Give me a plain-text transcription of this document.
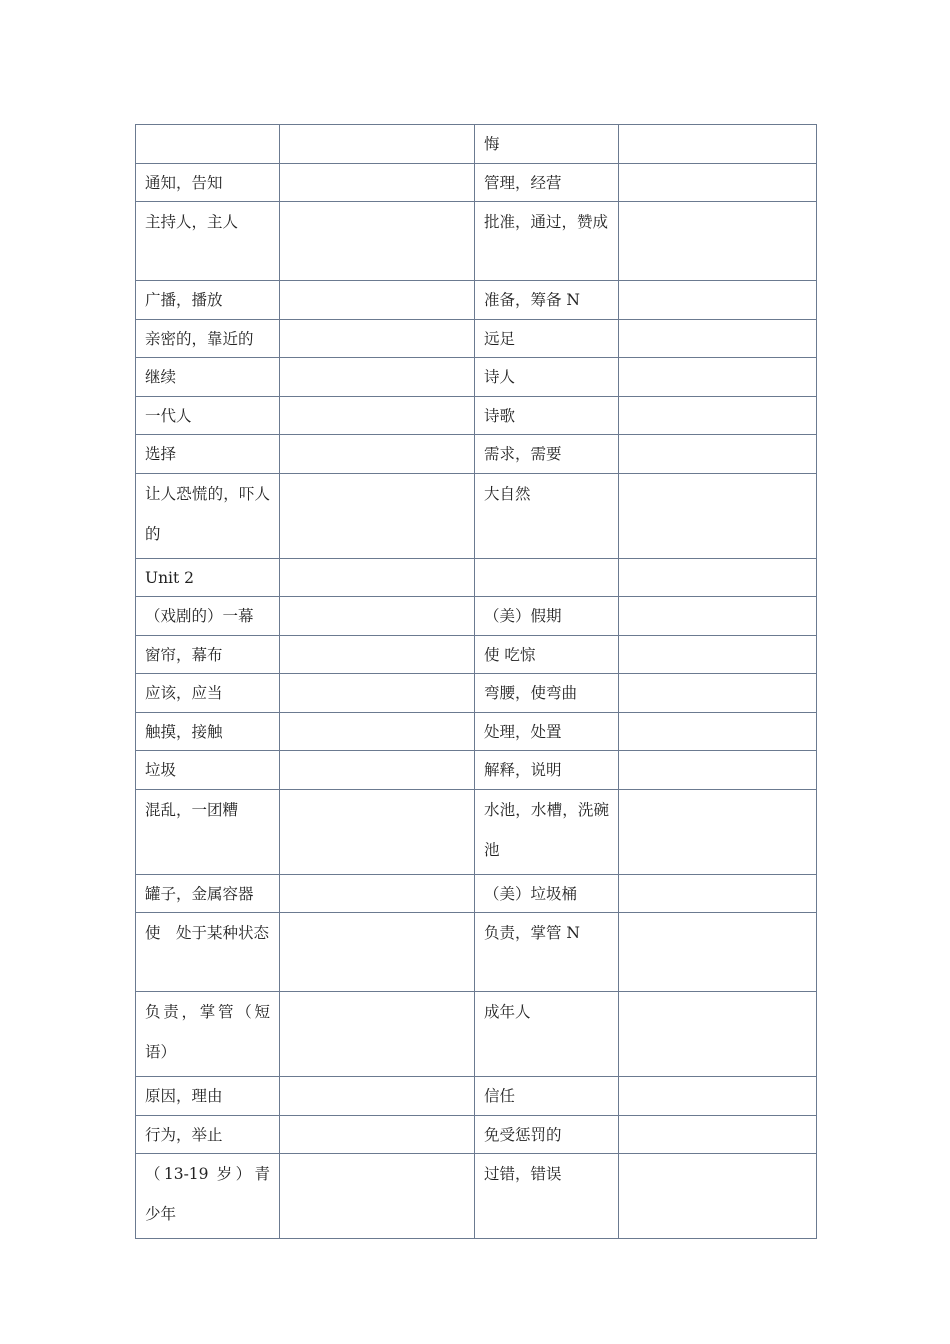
		悔	
通知，告知		管理，经营	
主持人，主人		批准，通过，赞成	
广播，播放		准备，筹备 N	
亲密的，靠近的		远足	
继续		诗人	
一代人		诗歌	
选择		需求，需要	
让人恐慌的，吓人的		大自然	
Unit 2			
（戏剧的）一幕		（美）假期	
窗帘，幕布		使 吃惊	
应该，应当		弯腰，使弯曲	
触摸，接触		处理，处置	
垃圾		解释，说明	
混乱，一团糟		水池，水槽，洗碗池	
罐子，金属容器		（美）垃圾桶	
使　处于某种状态		负责，掌管 N	
负责，掌管（短语）		成年人	
原因，理由		信任	
行为，举止		免受惩罚的	
（13-19 岁）青少年		过错，错误	
